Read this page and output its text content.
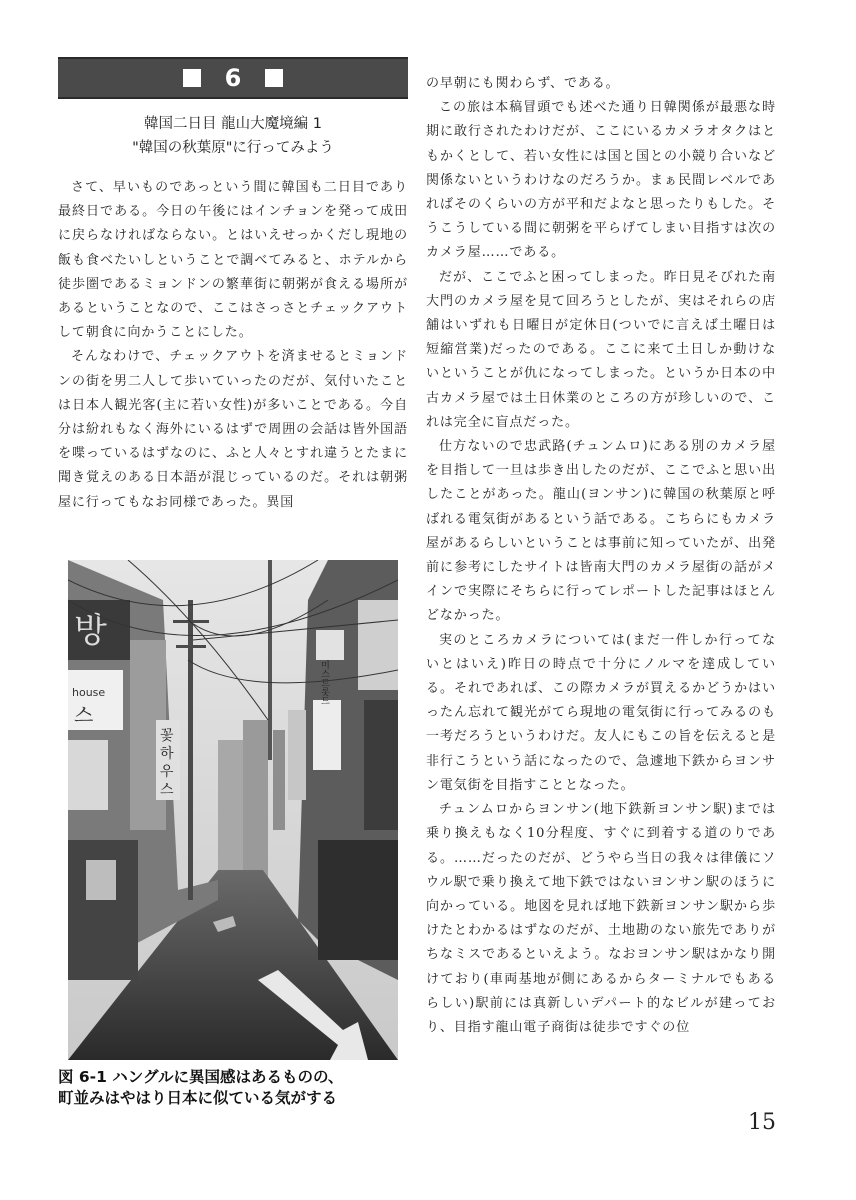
6
韓国二日目 龍山大魔境編 1
"韓国の秋葉原"に行ってみよう

さて、早いものであっという間に韓国も二日目であり最終日である。今日の午後にはインチョンを発って成田に戻らなければならない。とはいえせっかくだし現地の飯も食べたいしということで調べてみると、ホテルから徒歩圏であるミョンドンの繁華街に朝粥が食える場所があるということなので、ここはさっさとチェックアウトして朝食に向かうことにした。

そんなわけで、チェックアウトを済ませるとミョンドンの街を男二人して歩いていったのだが、気付いたことは日本人観光客(主に若い女性)が多いことである。今自分は紛れもなく海外にいるはずで周囲の会話は皆外国語を喋っているはずなのに、ふと人々とすれ違うとたまに聞き覚えのある日本語が混じっているのだ。それは朝粥屋に行ってもなお同様であった。異国

방
house
스
꽃
하
우
스
미스트롯드
図 6-1 ハングルに異国感はあるものの、
町並みはやはり日本に似ている気がする

の早朝にも関わらず、である。

この旅は本稿冒頭でも述べた通り日韓関係が最悪な時期に敢行されたわけだが、ここにいるカメラオタクはともかくとして、若い女性には国と国との小競り合いなど関係ないというわけなのだろうか。まぁ民間レベルであればそのくらいの方が平和だよなと思ったりもした。そうこうしている間に朝粥を平らげてしまい目指すは次のカメラ屋……である。

だが、ここでふと困ってしまった。昨日見そびれた南大門のカメラ屋を見て回ろうとしたが、実はそれらの店舗はいずれも日曜日が定休日(ついでに言えば土曜日は短縮営業)だったのである。ここに来て土日しか動けないということが仇になってしまった。というか日本の中古カメラ屋では土日休業のところの方が珍しいので、これは完全に盲点だった。

仕方ないので忠武路(チュンムロ)にある別のカメラ屋を目指して一旦は歩き出したのだが、ここでふと思い出したことがあった。龍山(ヨンサン)に韓国の秋葉原と呼ばれる電気街があるという話である。こちらにもカメラ屋があるらしいということは事前に知っていたが、出発前に参考にしたサイトは皆南大門のカメラ屋街の話がメインで実際にそちらに行ってレポートした記事はほとんどなかった。

実のところカメラについては(まだ一件しか行ってないとはいえ)昨日の時点で十分にノルマを達成している。それであれば、この際カメラが買えるかどうかはいったん忘れて観光がてら現地の電気街に行ってみるのも一考だろうというわけだ。友人にもこの旨を伝えると是非行こうという話になったので、急遽地下鉄からヨンサン電気街を目指すこととなった。

チュンムロからヨンサン(地下鉄新ヨンサン駅)までは乗り換えもなく10分程度、すぐに到着する道のりである。……だったのだが、どうやら当日の我々は律儀にソウル駅で乗り換えて地下鉄ではないヨンサン駅のほうに向かっている。地図を見れば地下鉄新ヨンサン駅から歩けたとわかるはずなのだが、土地勘のない旅先でありがちなミスであるといえよう。なおヨンサン駅はかなり開けており(車両基地が側にあるからターミナルでもあるらしい)駅前には真新しいデパート的なビルが建っており、目指す龍山電子商街は徒歩ですぐの位

15
